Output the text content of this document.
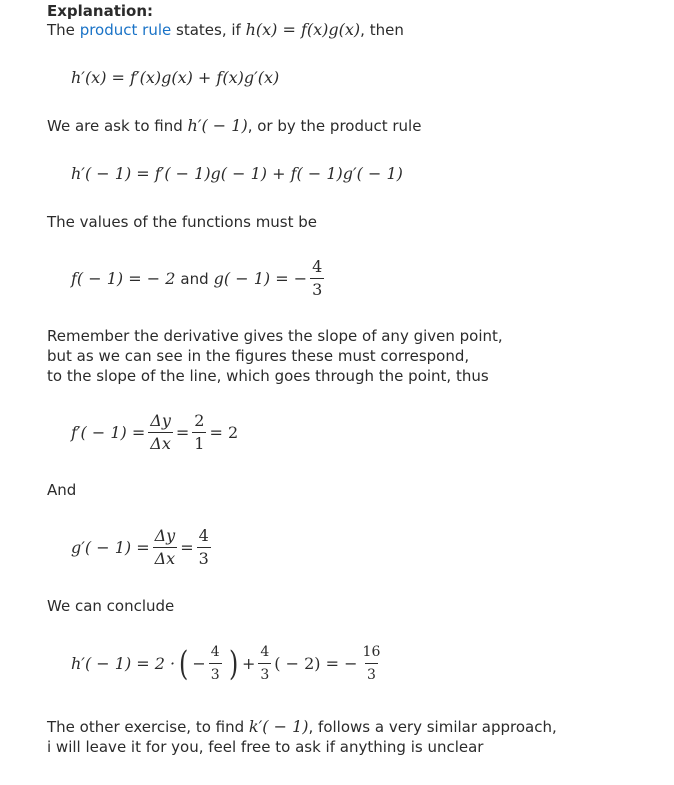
Explanation:
The product rule states, if h(x) = f(x)g(x), then
h′(x) = f′(x)g(x) + f(x)g′(x)
We are ask to find h′( − 1), or by the product rule
h′( − 1) = f′( − 1)g( − 1) + f( − 1)g′( − 1)
The values of the functions must be
f( − 1) = − 2 and g( − 1) = − $\frac{4}{3}$
Remember the derivative gives the slope of any given point,
but as we can see in the figures these must correspond,
to the slope of the line, which goes through the point, thus
$f'( - 1) = \frac{\Delta y}{\Delta x} = \frac{2}{1} = 2$
And
$g'( - 1) = \frac{\Delta y}{\Delta x} = \frac{4}{3}$
We can conclude
h′( − 1) = 2 · ( − $\frac{4}{3}$ ) + $\frac{4}{3}$ ( − 2) = − $\frac{16}{3}$
The other exercise, to find k′( − 1), follows a very similar approach,
i will leave it for you, feel free to ask if anything is unclear
